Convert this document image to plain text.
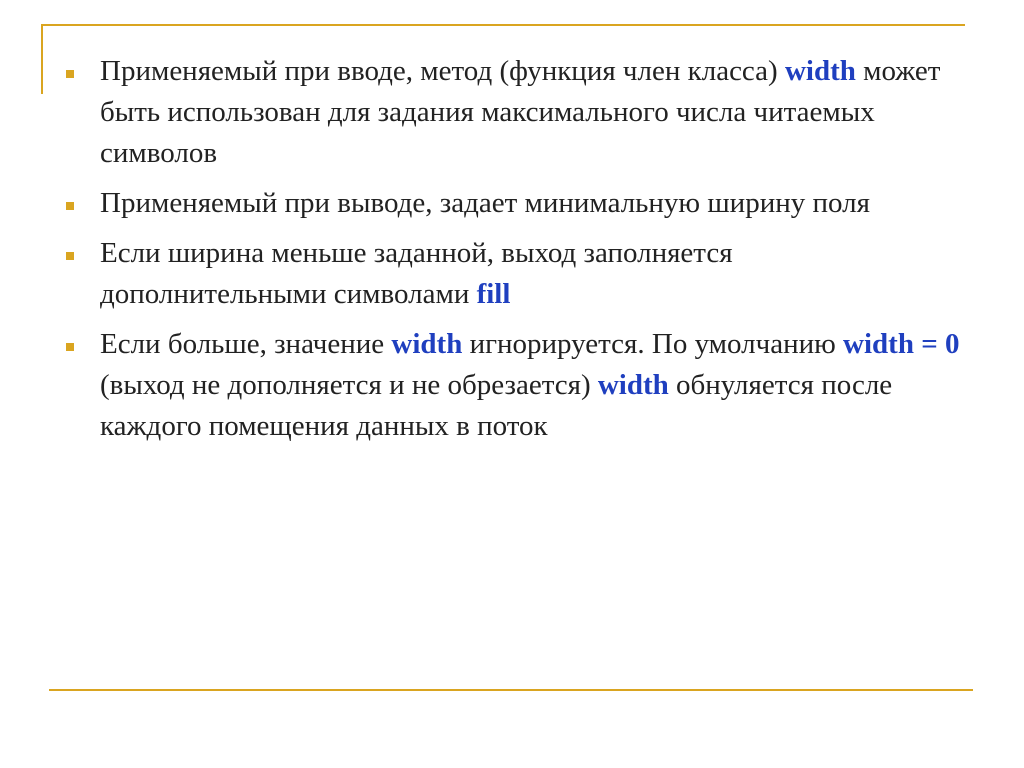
Применяемый при вводе, метод (функция член класса) width может быть использован для задания максимального числа читаемых символов
Применяемый при выводе, задает минимальную ширину поля
Если ширина меньше заданной, выход заполняется дополнительными символами fill
Если больше, значение width игнорируется. По умолчанию width = 0 (выход не дополняется и не обрезается) width обнуляется после каждого помещения данных в поток
